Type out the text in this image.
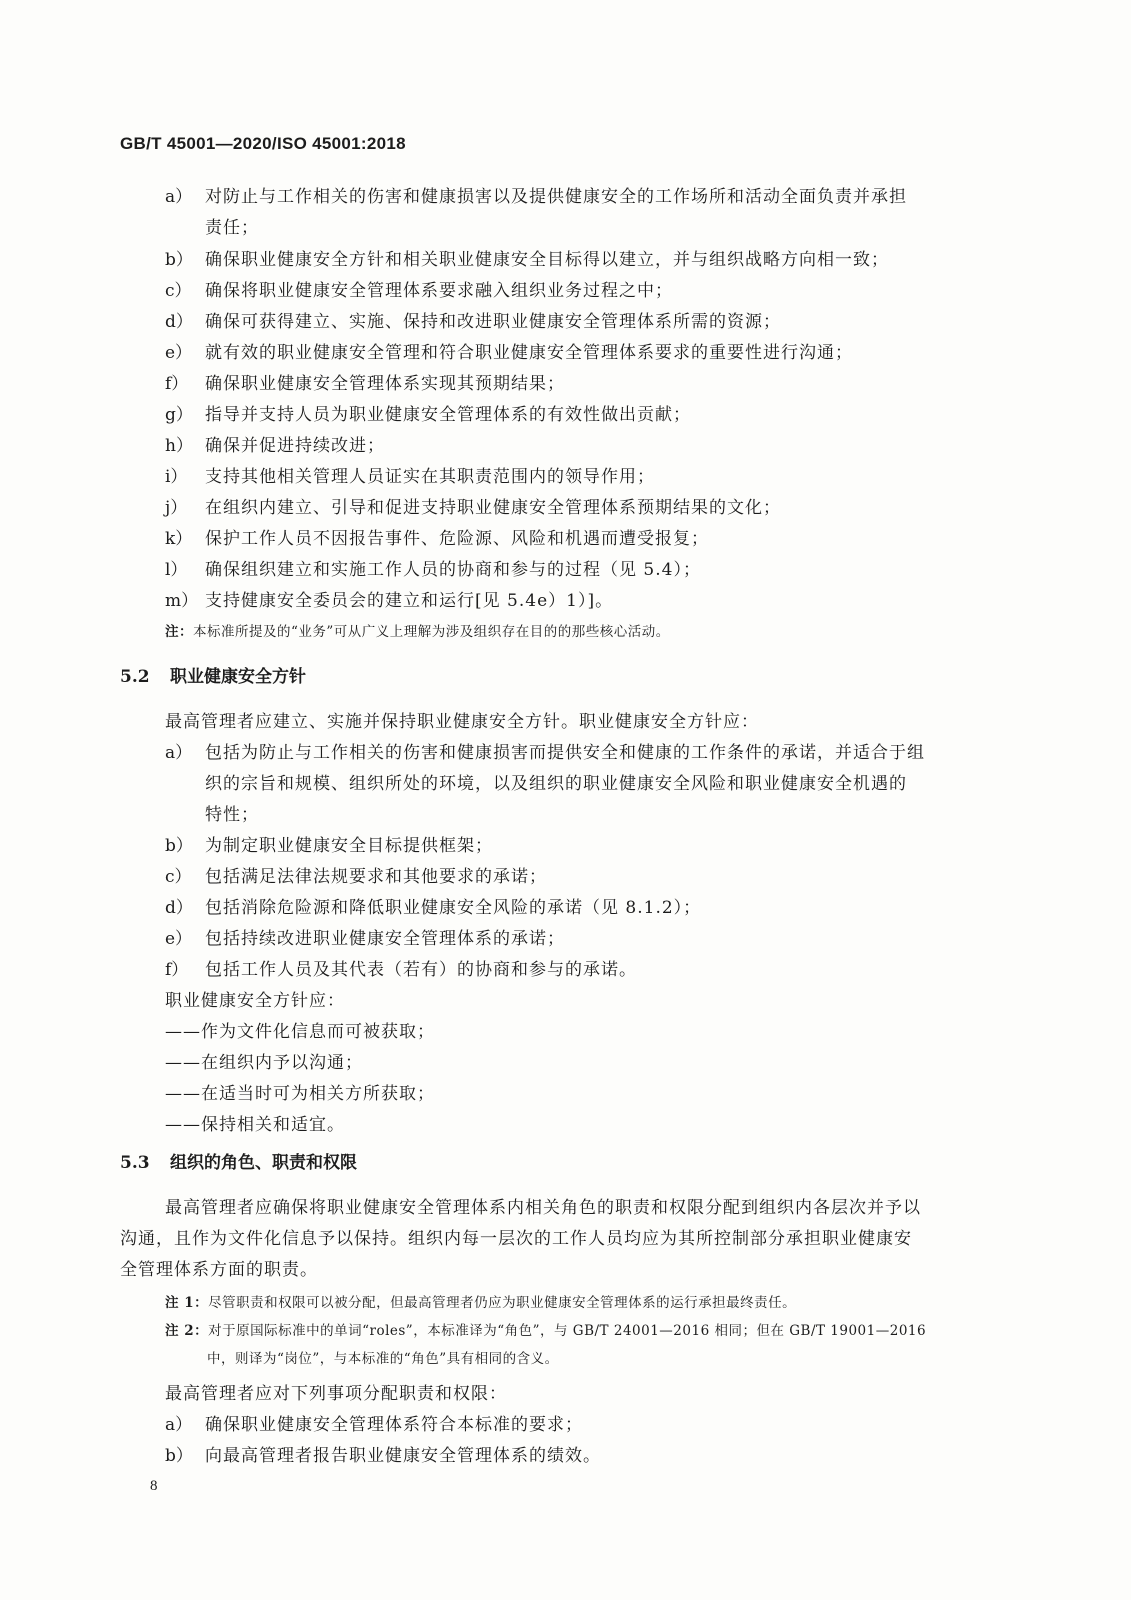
GB/T 45001—2020/ISO 45001:2018
a） 对防止与工作相关的伤害和健康损害以及提供健康安全的工作场所和活动全面负责并承担
责任；
b） 确保职业健康安全方针和相关职业健康安全目标得以建立，并与组织战略方向相一致；
c） 确保将职业健康安全管理体系要求融入组织业务过程之中；
d） 确保可获得建立、实施、保持和改进职业健康安全管理体系所需的资源；
e） 就有效的职业健康安全管理和符合职业健康安全管理体系要求的重要性进行沟通；
f） 确保职业健康安全管理体系实现其预期结果；
g） 指导并支持人员为职业健康安全管理体系的有效性做出贡献；
h） 确保并促进持续改进；
i）	支持其他相关管理人员证实在其职责范围内的领导作用；
j）	在组织内建立、引导和促进支持职业健康安全管理体系预期结果的文化；
k） 保护工作人员不因报告事件、危险源、风险和机遇而遭受报复；
l）	确保组织建立和实施工作人员的协商和参与的过程（见 5.4）；
m） 支持健康安全委员会的建立和运行[见 5.4e）1）]。
注：本标准所提及的“业务”可从广义上理解为涉及组织存在目的的那些核心活动。
5.2 职业健康安全方针
最高管理者应建立、实施并保持职业健康安全方针。职业健康安全方针应：
a） 包括为防止与工作相关的伤害和健康损害而提供安全和健康的工作条件的承诺，并适合于组
织的宗旨和规模、组织所处的环境，以及组织的职业健康安全风险和职业健康安全机遇的
特性；
b） 为制定职业健康安全目标提供框架；
c） 包括满足法律法规要求和其他要求的承诺；
d） 包括消除危险源和降低职业健康安全风险的承诺（见 8.1.2）；
e） 包括持续改进职业健康安全管理体系的承诺；
f） 包括工作人员及其代表（若有）的协商和参与的承诺。
职业健康安全方针应：
——作为文件化信息而可被获取；
——在组织内予以沟通；
——在适当时可为相关方所获取；
——保持相关和适宜。
5.3 组织的角色、职责和权限
最高管理者应确保将职业健康安全管理体系内相关角色的职责和权限分配到组织内各层次并予以
沟通，且作为文件化信息予以保持。组织内每一层次的工作人员均应为其所控制部分承担职业健康安
全管理体系方面的职责。
注 1：尽管职责和权限可以被分配，但最高管理者仍应为职业健康安全管理体系的运行承担最终责任。
注 2：对于原国际标准中的单词“roles”，本标准译为“角色”，与 GB/T 24001—2016 相同；但在 GB/T 19001—2016
中，则译为“岗位”，与本标准的“角色”具有相同的含义。
最高管理者应对下列事项分配职责和权限：
a） 确保职业健康安全管理体系符合本标准的要求；
b） 向最高管理者报告职业健康安全管理体系的绩效。
8
